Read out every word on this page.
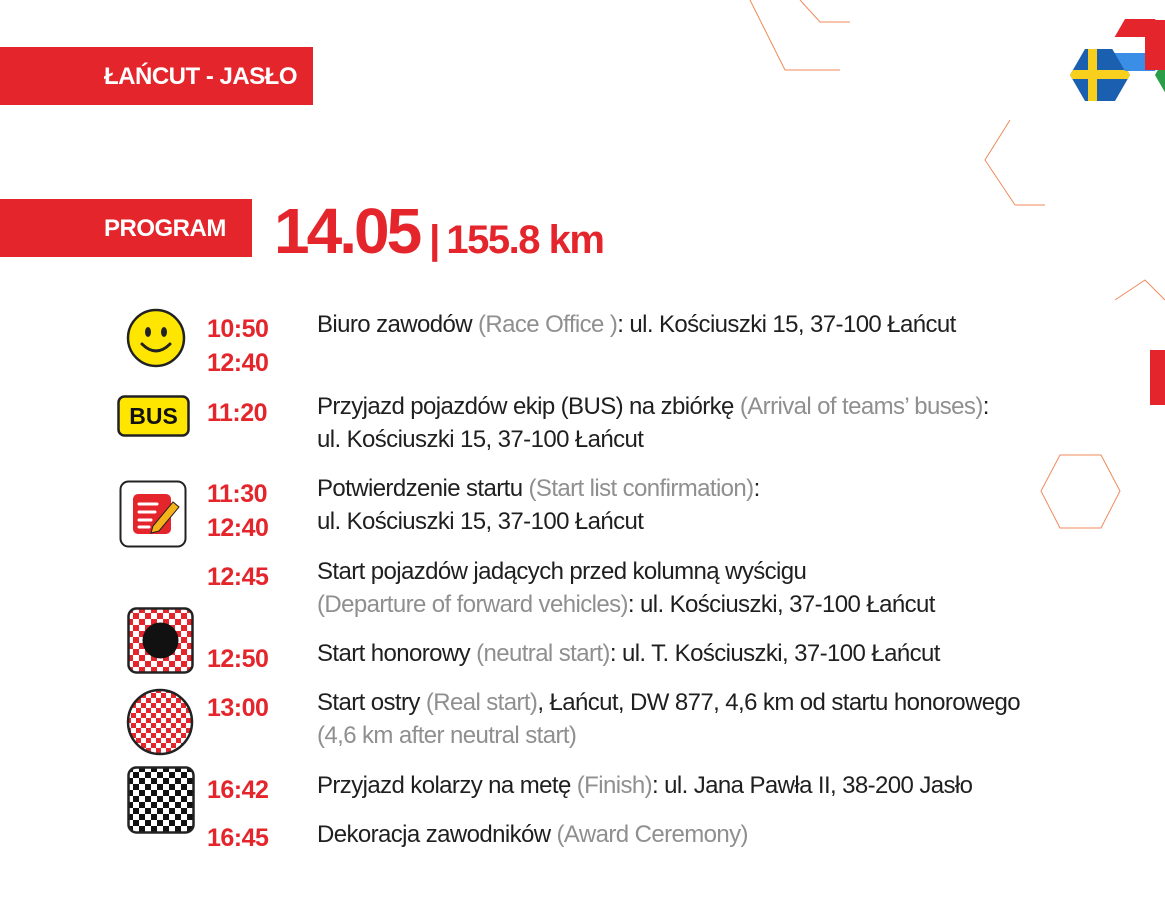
ŁAŃCUT - JASŁO
PROGRAM 14.05 | 155.8 km
BUS
10:50
12:40
11:20
11:30
12:40
12:45
12:50
13:00
16:42
16:45
Biuro zawodów (Race Office ): ul. Kościuszki 15, 37-100 Łańcut
Przyjazd pojazdów ekip (BUS) na zbiórkę (Arrival of teams’ buses):
ul. Kościuszki 15, 37-100 Łańcut
Potwierdzenie startu (Start list confirmation):
ul. Kościuszki 15, 37-100 Łańcut
Start pojazdów jadących przed kolumną wyścigu
(Departure of forward vehicles): ul. Kościuszki, 37-100 Łańcut
Start honorowy (neutral start): ul. T. Kościuszki, 37-100 Łańcut
Start ostry (Real start), Łańcut, DW 877, 4,6 km od startu honorowego
(4,6 km after neutral start)
Przyjazd kolarzy na metę (Finish): ul. Jana Pawła II, 38-200 Jasło
Dekoracja zawodników (Award Ceremony)
